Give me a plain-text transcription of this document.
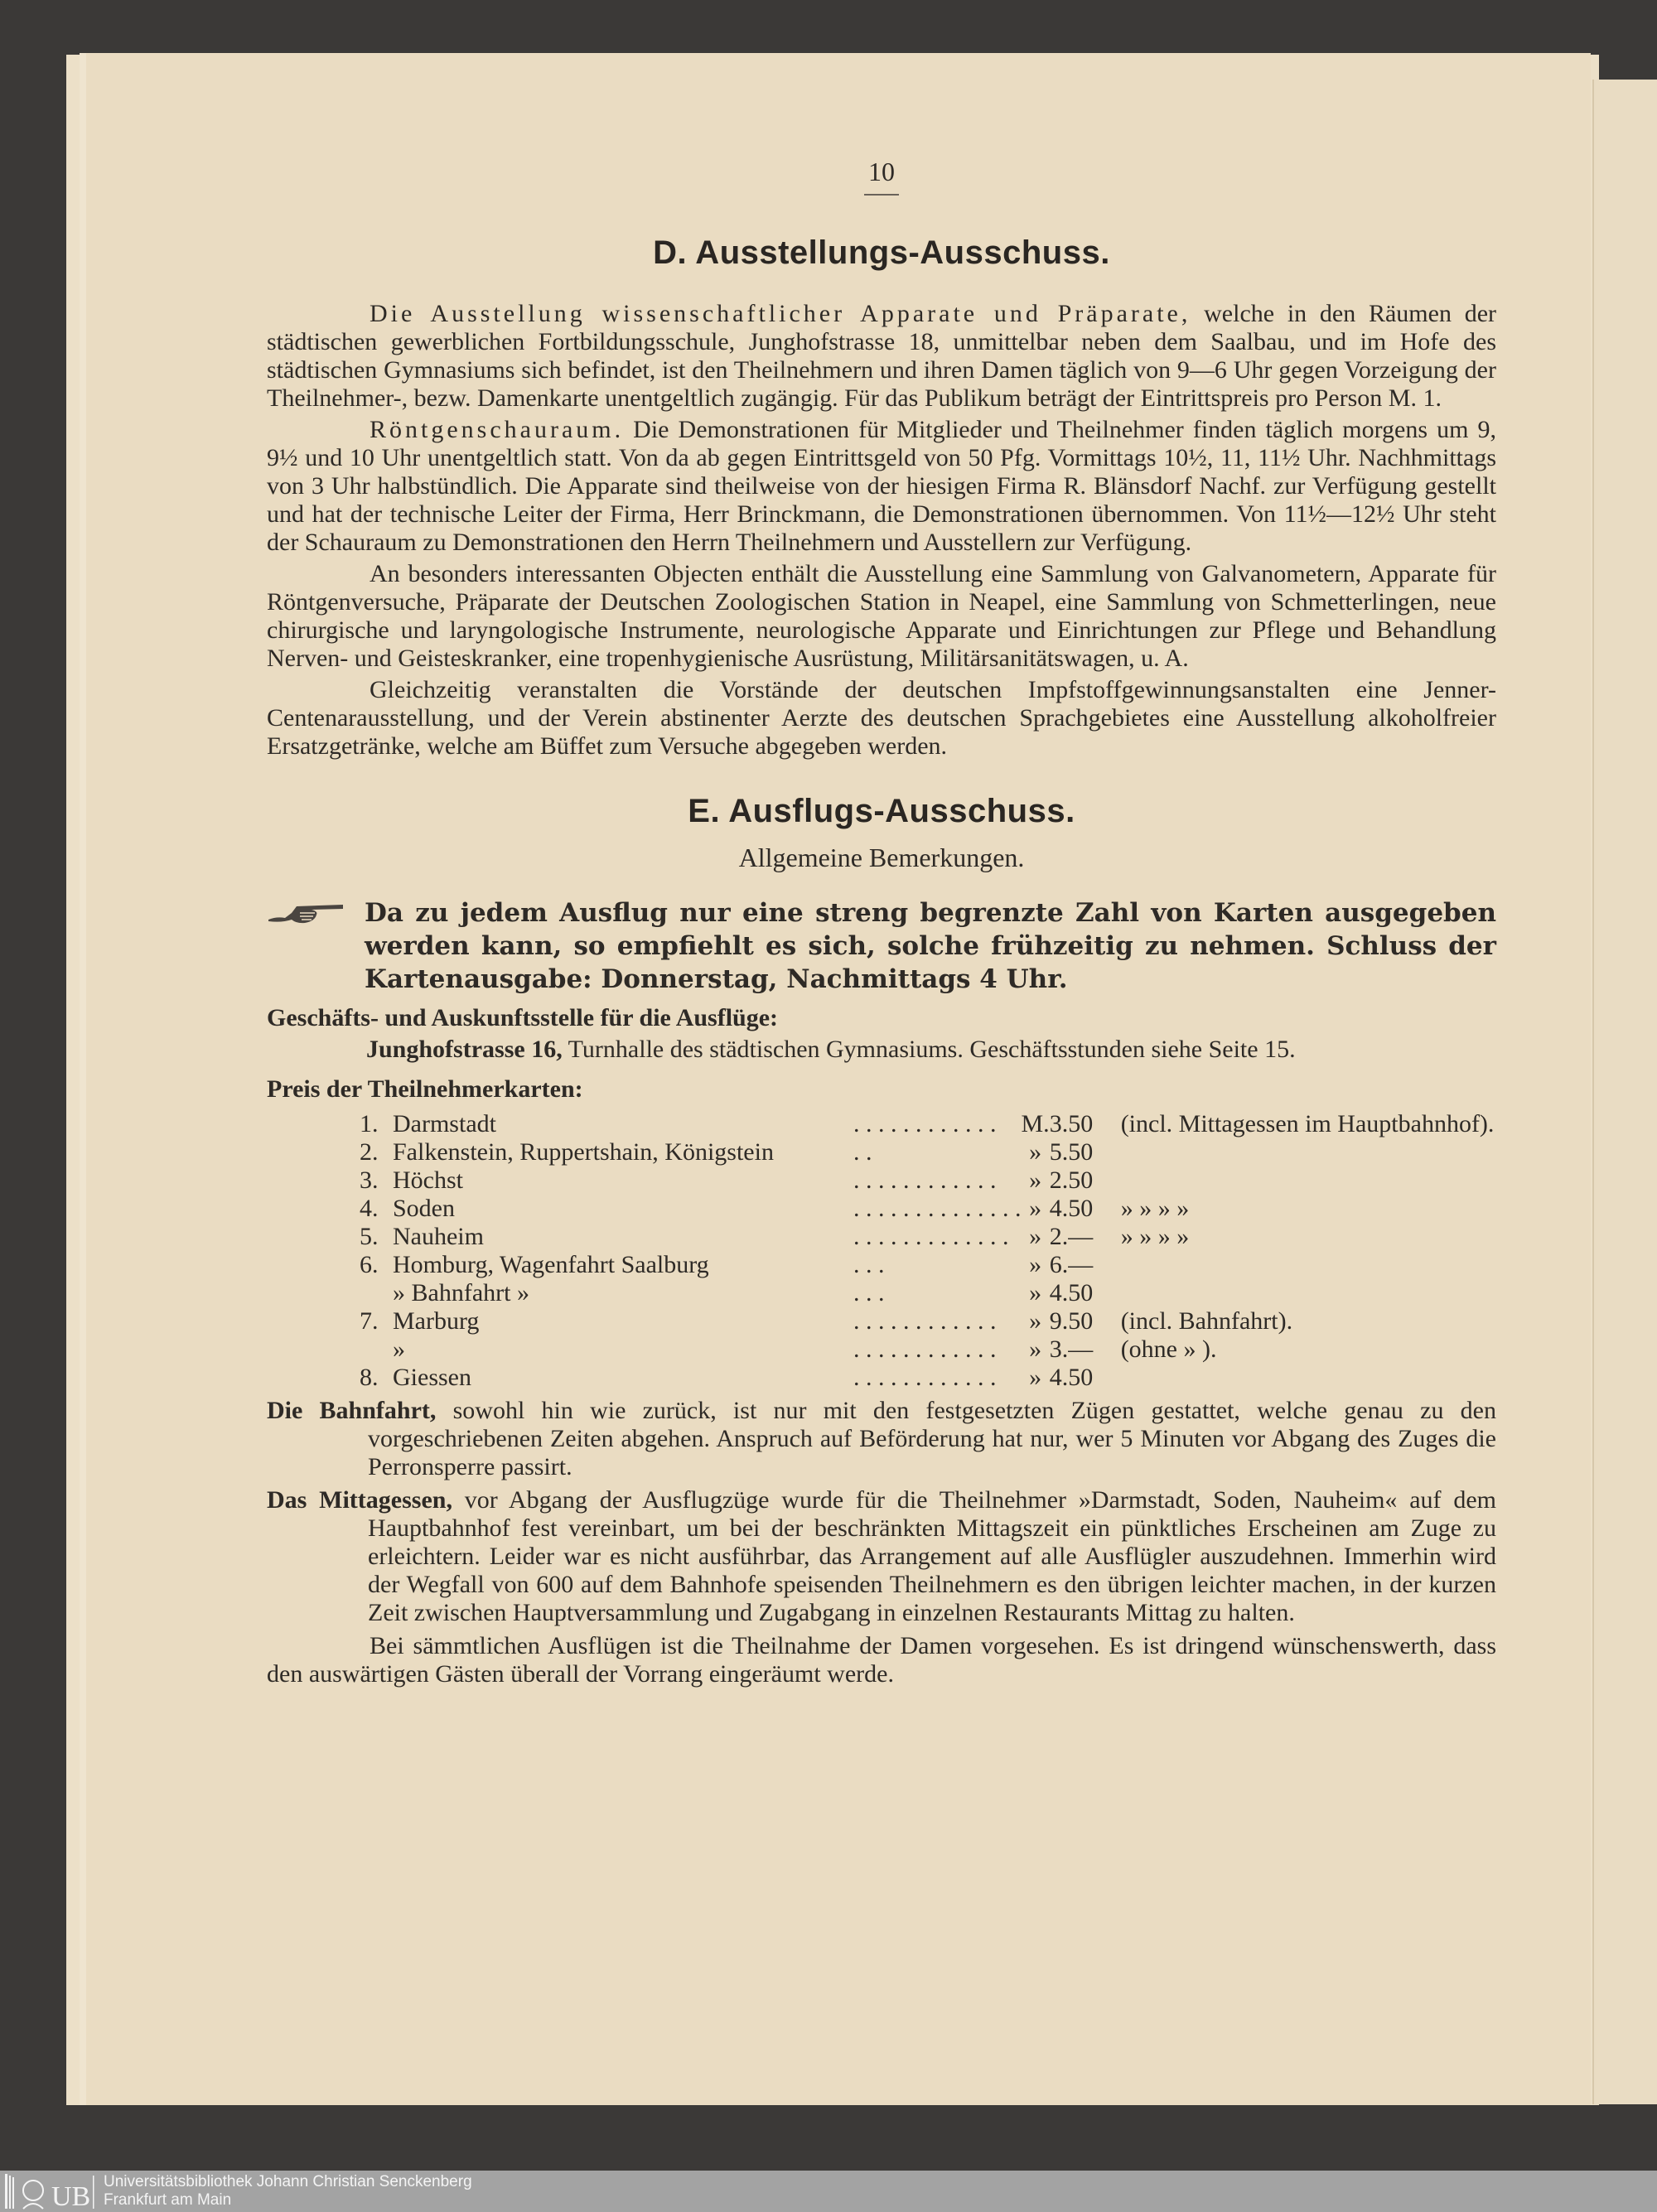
10
D. Ausstellungs-Ausschuss.

Die Ausstellung wissenschaftlicher Apparate und Präparate, welche in den Räumen der städtischen gewerblichen Fortbildungsschule, Junghofstrasse 18, unmittelbar neben dem Saalbau, und im Hofe des städtischen Gymnasiums sich befindet, ist den Theilnehmern und ihren Damen täglich von 9—6 Uhr gegen Vorzeigung der Theilnehmer-, bezw. Damenkarte unentgeltlich zugängig. Für das Publikum beträgt der Eintrittspreis pro Person M. 1.

Röntgenschauraum. Die Demonstrationen für Mitglieder und Theilnehmer finden täglich morgens um 9, 9½ und 10 Uhr unentgeltlich statt. Von da ab gegen Eintrittsgeld von 50 Pfg. Vormittags 10½, 11, 11½ Uhr. Nachhmittags von 3 Uhr halbstündlich. Die Apparate sind theilweise von der hiesigen Firma R. Blänsdorf Nachf. zur Verfügung gestellt und hat der technische Leiter der Firma, Herr Brinckmann, die Demonstrationen übernommen. Von 11½—12½ Uhr steht der Schauraum zu Demonstrationen den Herrn Theilnehmern und Ausstellern zur Verfügung.

An besonders interessanten Objecten enthält die Ausstellung eine Sammlung von Galvanometern, Apparate für Röntgenversuche, Präparate der Deutschen Zoologischen Station in Neapel, eine Sammlung von Schmetterlingen, neue chirurgische und laryngologische Instrumente, neurologische Apparate und Einrichtungen zur Pflege und Behandlung Nerven- und Geisteskranker, eine tropenhygienische Ausrüstung, Militärsanitätswagen, u. A.

Gleichzeitig veranstalten die Vorstände der deutschen Impfstoffgewinnungsanstalten eine Jenner-Centenarausstellung, und der Verein abstinenter Aerzte des deutschen Sprachgebietes eine Ausstellung alkoholfreier Ersatzgetränke, welche am Büffet zum Versuche abgegeben werden.

E. Ausflugs-Ausschuss.
Allgemeine Bemerkungen.
Da zu jedem Ausflug nur eine streng begrenzte Zahl von Karten ausgegeben werden kann, so empfiehlt es sich, solche frühzeitig zu nehmen. Schluss der Kartenausgabe: Donnerstag, Nachmittags 4 Uhr.

Geschäfts- und Auskunftsstelle für die Ausflüge:

Junghofstrasse 16, Turnhalle des städtischen Gymnasiums. Geschäftsstunden siehe Seite 15.

Preis der Theilnehmerkarten:

1.	Darmstadt	. . . . . . . . . . . .	M.	3.50	(incl. Mittagessen im Hauptbahnhof).
2.	Falkenstein, Ruppertshain, Königstein	. .	»	5.50	
3.	Höchst	. . . . . . . . . . . .	»	2.50	
4.	Soden	. . . . . . . . . . . . . .	»	4.50	» » » »
5.	Nauheim	. . . . . . . . . . . . .	»	2.—	» » » »
6.	Homburg, Wagenfahrt Saalburg	. . .	»	6.—	
	» Bahnfahrt »	. . .	»	4.50	
7.	Marburg	. . . . . . . . . . . .	»	9.50	(incl. Bahnfahrt).
	»	. . . . . . . . . . . .	»	3.—	(ohne » ).
8.	Giessen	. . . . . . . . . . . .	»	4.50	

Die Bahnfahrt, sowohl hin wie zurück, ist nur mit den festgesetzten Zügen gestattet, welche genau zu den vorgeschriebenen Zeiten abgehen. Anspruch auf Beförderung hat nur, wer 5 Minuten vor Abgang des Zuges die Perronsperre passirt.

Das Mittagessen, vor Abgang der Ausflugzüge wurde für die Theilnehmer »Darmstadt, Soden, Nauheim« auf dem Hauptbahnhof fest vereinbart, um bei der beschränkten Mittagszeit ein pünktliches Erscheinen am Zuge zu erleichtern. Leider war es nicht ausführbar, das Arrangement auf alle Ausflügler auszudehnen. Immerhin wird der Wegfall von 600 auf dem Bahnhofe speisenden Theilnehmern es den übrigen leichter machen, in der kurzen Zeit zwischen Hauptversammlung und Zugabgang in einzelnen Restaurants Mittag zu halten.

Bei sämmtlichen Ausflügen ist die Theilnahme der Damen vorgesehen. Es ist dringend wünschenswerth, dass den auswärtigen Gästen überall der Vorrang eingeräumt werde.

UB Universitätsbibliothek Johann Christian Senckenberg
Frankfurt am Main
